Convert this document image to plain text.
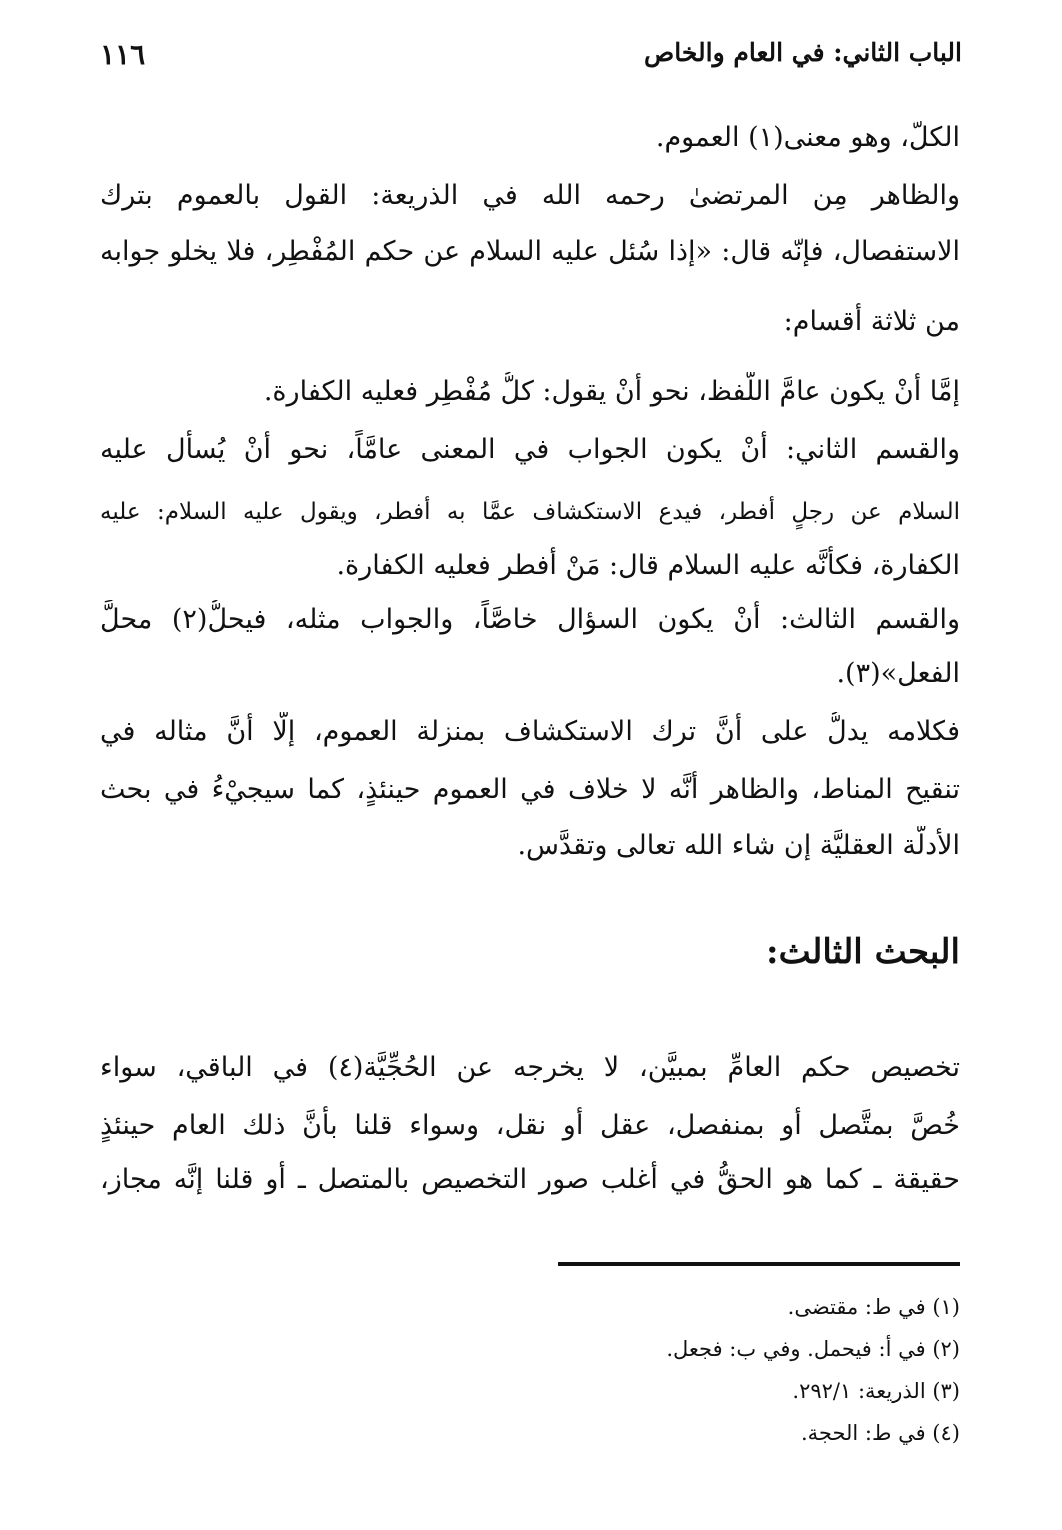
الباب الثاني: في العام والخاص
١١٦
الكلّ، وهو معنى(١) العموم.
والظاهر مِن المرتضىٰ رحمه الله في الذريعة: القول بالعموم بترك
الاستفصال، فإنّه قال: «إذا سُئل عليه السلام عن حكم المُفْطِر، فلا يخلو جوابه
من ثلاثة أقسام:
إمَّا أنْ يكون عامَّ اللَّفظ، نحو أنْ يقول: كلُّ مُفْطِر فعليه الكفارة.
والقسم الثاني: أنْ يكون الجواب في المعنى عامَّاً، نحو أنْ يُسأَل عليه
السلام عن رجلٍ أفطر، فيدع الاستكشاف عمَّا به أفطر، ويقول عليه السلام: عليه
الكفارة، فكأنَّه عليه السلام قال: مَنْ أفطر فعليه الكفارة.
والقسم الثالث: أنْ يكون السؤال خاصَّاً، والجواب مثله، فيحلُّ(٢) محلَّ
الفعل»(٣).
فكلامه يدلُّ على أنَّ ترك الاستكشاف بمنزلة العموم، إلَّا أنَّ مثاله في
تنقيح المناط، والظاهر أنَّه لا خلاف في العموم حينئذٍ، كما سيجيْءُ في بحث
الأدلَّة العقليَّة إن شاء الله تعالى وتقدَّس.
البحث الثالث:
تخصيص حكم العامِّ بمبيَّن، لا يخرجه عن الحُجِّيَّة(٤) في الباقي، سواء
خُصَّ بمتَّصل أو بمنفصل، عقل أو نقل، وسواء قلنا بأنَّ ذلك العام حينئذٍ
حقيقة ـ كما هو الحقُّ في أغلب صور التخصيص بالمتصل ـ أو قلنا إنَّه مجاز،
(١) في ط: مقتضى.
(٢) في أ: فيحمل. وفي ب: فجعل.
(٣) الذريعة: ٢٩٢/١.
(٤) في ط: الحجة.
